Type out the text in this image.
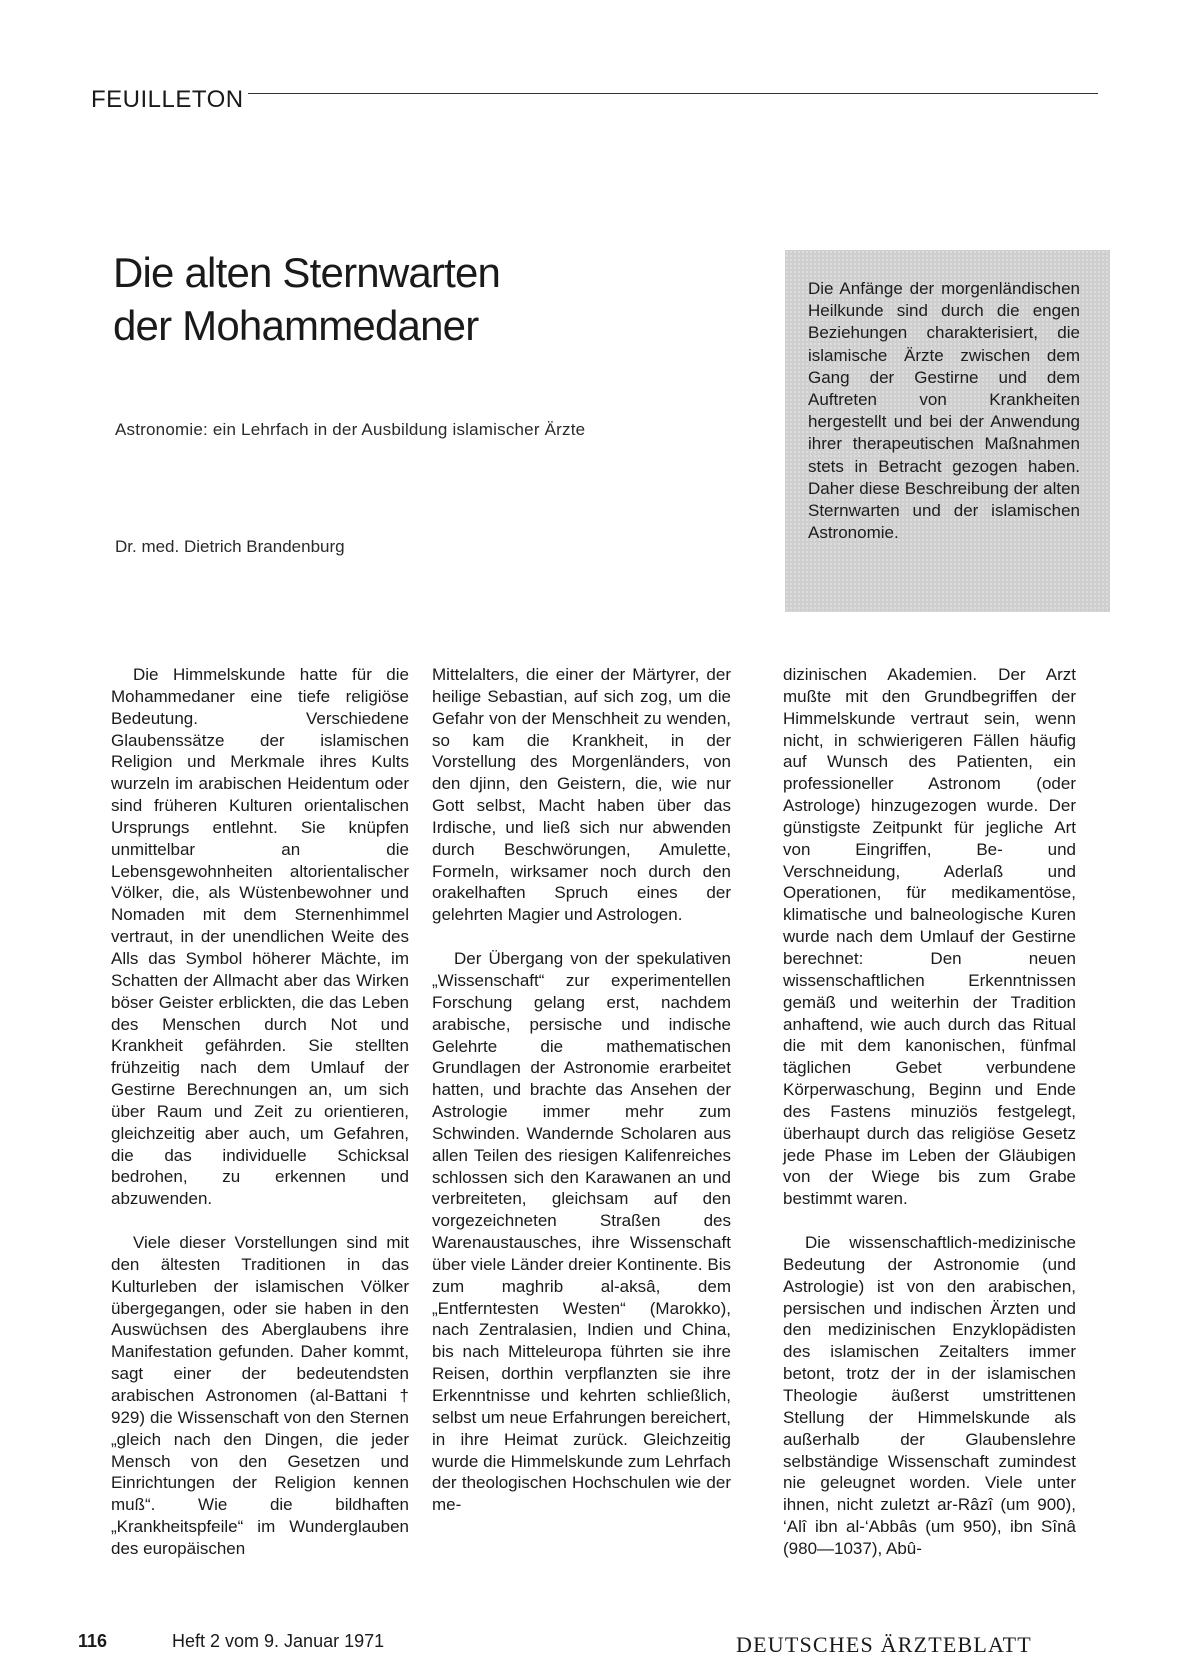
FEUILLETON
Die alten Sternwarten
der Mohammedaner
Astronomie: ein Lehrfach in der Ausbildung islamischer Ärzte
Dr. med. Dietrich Brandenburg

Die Anfänge der morgenländischen Heilkunde sind durch die engen Beziehungen charakterisiert, die islamische Ärzte zwischen dem Gang der Gestirne und dem Auftreten von Krankheiten hergestellt und bei der Anwendung ihrer therapeutischen Maßnahmen stets in Betracht gezogen haben. Daher diese Beschreibung der alten Sternwarten und der islamischen Astronomie.

Die Himmelskunde hatte für die Mohammedaner eine tiefe religiöse Bedeutung. Verschiedene Glaubenssätze der islamischen Religion und Merkmale ihres Kults wurzeln im arabischen Heidentum oder sind früheren Kulturen orientalischen Ursprungs entlehnt. Sie knüpfen unmittelbar an die Lebensgewohnheiten altorientalischer Völker, die, als Wüstenbewohner und Nomaden mit dem Sternenhimmel vertraut, in der unendlichen Weite des Alls das Symbol höherer Mächte, im Schatten der Allmacht aber das Wirken böser Geister erblickten, die das Leben des Menschen durch Not und Krankheit gefährden. Sie stellten frühzeitig nach dem Umlauf der Gestirne Berechnungen an, um sich über Raum und Zeit zu orientieren, gleichzeitig aber auch, um Gefahren, die das individuelle Schicksal bedrohen, zu erkennen und abzuwenden.

Viele dieser Vorstellungen sind mit den ältesten Traditionen in das Kulturleben der islamischen Völker übergegangen, oder sie haben in den Auswüchsen des Aberglaubens ihre Manifestation gefunden. Daher kommt, sagt einer der bedeutendsten arabischen Astronomen (al-Battani † 929) die Wissenschaft von den Sternen „gleich nach den Dingen, die jeder Mensch von den Gesetzen und Einrichtungen der Religion kennen muß“. Wie die bildhaften „Krankheitspfeile“ im Wunderglauben des europäischen

Mittelalters, die einer der Märtyrer, der heilige Sebastian, auf sich zog, um die Gefahr von der Menschheit zu wenden, so kam die Krankheit, in der Vorstellung des Morgenländers, von den djinn, den Geistern, die, wie nur Gott selbst, Macht haben über das Irdische, und ließ sich nur abwenden durch Beschwörungen, Amulette, Formeln, wirksamer noch durch den orakelhaften Spruch eines der gelehrten Magier und Astrologen.

Der Übergang von der spekulativen „Wissenschaft“ zur experimentellen Forschung gelang erst, nachdem arabische, persische und indische Gelehrte die mathematischen Grundlagen der Astronomie erarbeitet hatten, und brachte das Ansehen der Astrologie immer mehr zum Schwinden. Wandernde Scholaren aus allen Teilen des riesigen Kalifenreiches schlossen sich den Karawanen an und verbreiteten, gleichsam auf den vorgezeichneten Straßen des Warenaustausches, ihre Wissenschaft über viele Länder dreier Kontinente. Bis zum maghrib al-aksâ, dem „Entferntesten Westen“ (Marokko), nach Zentralasien, Indien und China, bis nach Mitteleuropa führten sie ihre Reisen, dorthin verpflanzten sie ihre Erkenntnisse und kehrten schließlich, selbst um neue Erfahrungen bereichert, in ihre Heimat zurück. Gleichzeitig wurde die Himmelskunde zum Lehrfach der theologischen Hochschulen wie der me-

dizinischen Akademien. Der Arzt mußte mit den Grundbegriffen der Himmelskunde vertraut sein, wenn nicht, in schwierigeren Fällen häufig auf Wunsch des Patienten, ein professioneller Astronom (oder Astrologe) hinzugezogen wurde. Der günstigste Zeitpunkt für jegliche Art von Eingriffen, Be- und Verschneidung, Aderlaß und Operationen, für medikamentöse, klimatische und balneologische Kuren wurde nach dem Umlauf der Gestirne berechnet: Den neuen wissenschaftlichen Erkenntnissen gemäß und weiterhin der Tradition anhaftend, wie auch durch das Ritual die mit dem kanonischen, fünfmal täglichen Gebet verbundene Körperwaschung, Beginn und Ende des Fastens minuziös festgelegt, überhaupt durch das religiöse Gesetz jede Phase im Leben der Gläubigen von der Wiege bis zum Grabe bestimmt waren.

Die wissenschaftlich-medizinische Bedeutung der Astronomie (und Astrologie) ist von den arabischen, persischen und indischen Ärzten und den medizinischen Enzyklopädisten des islamischen Zeitalters immer betont, trotz der in der islamischen Theologie äußerst umstrittenen Stellung der Himmelskunde als außerhalb der Glaubenslehre selbständige Wissenschaft zumindest nie geleugnet worden. Viele unter ihnen, nicht zuletzt ar-Râzî (um 900), ‘Alî ibn al-‘Abbâs (um 950), ibn Sînâ (980—1037), Abû-

116	Heft 2 vom 9. Januar 1971	DEUTSCHES ÄRZTEBLATT
